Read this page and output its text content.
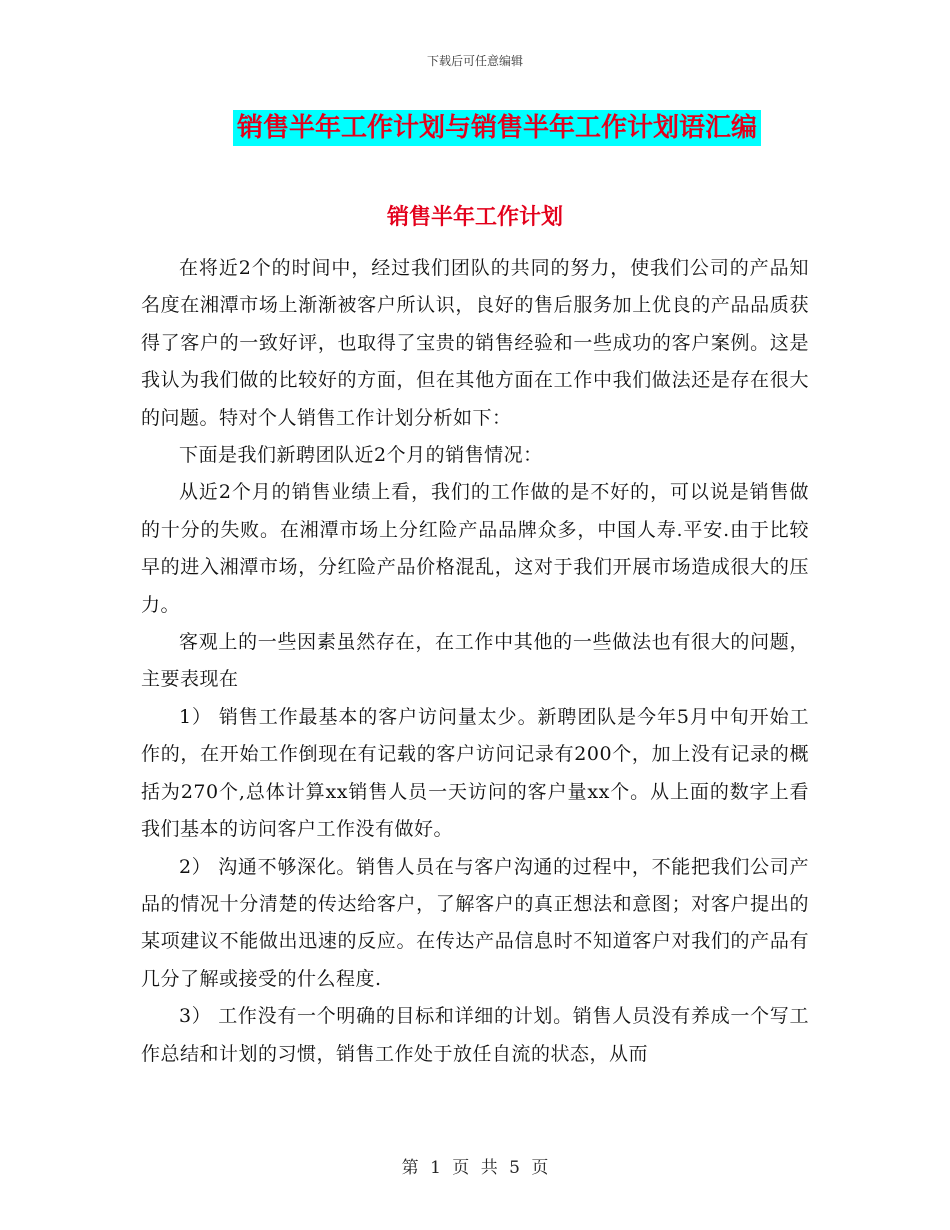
下载后可任意编辑
销售半年工作计划与销售半年工作计划语汇编
销售半年工作计划

在将近2个的时间中，经过我们团队的共同的努力，使我们公司的产品知名度在湘潭市场上渐渐被客户所认识，良好的售后服务加上优良的产品品质获得了客户的一致好评，也取得了宝贵的销售经验和一些成功的客户案例。这是我认为我们做的比较好的方面，但在其他方面在工作中我们做法还是存在很大的问题。特对个人销售工作计划分析如下：

下面是我们新聘团队近2个月的销售情况：

从近2个月的销售业绩上看，我们的工作做的是不好的，可以说是销售做的十分的失败。在湘潭市场上分红险产品品牌众多，中国人寿.平安.由于比较早的进入湘潭市场，分红险产品价格混乱，这对于我们开展市场造成很大的压力。

客观上的一些因素虽然存在，在工作中其他的一些做法也有很大的问题，主要表现在

1） 销售工作最基本的客户访问量太少。新聘团队是今年5月中旬开始工作的，在开始工作倒现在有记载的客户访问记录有200个，加上没有记录的概括为270个,总体计算xx销售人员一天访问的客户量xx个。从上面的数字上看我们基本的访问客户工作没有做好。

2） 沟通不够深化。销售人员在与客户沟通的过程中，不能把我们公司产品的情况十分清楚的传达给客户，了解客户的真正想法和意图；对客户提出的某项建议不能做出迅速的反应。在传达产品信息时不知道客户对我们的产品有几分了解或接受的什么程度.

3） 工作没有一个明确的目标和详细的计划。销售人员没有养成一个写工作总结和计划的习惯，销售工作处于放任自流的状态，从而

第 1 页 共 5 页
